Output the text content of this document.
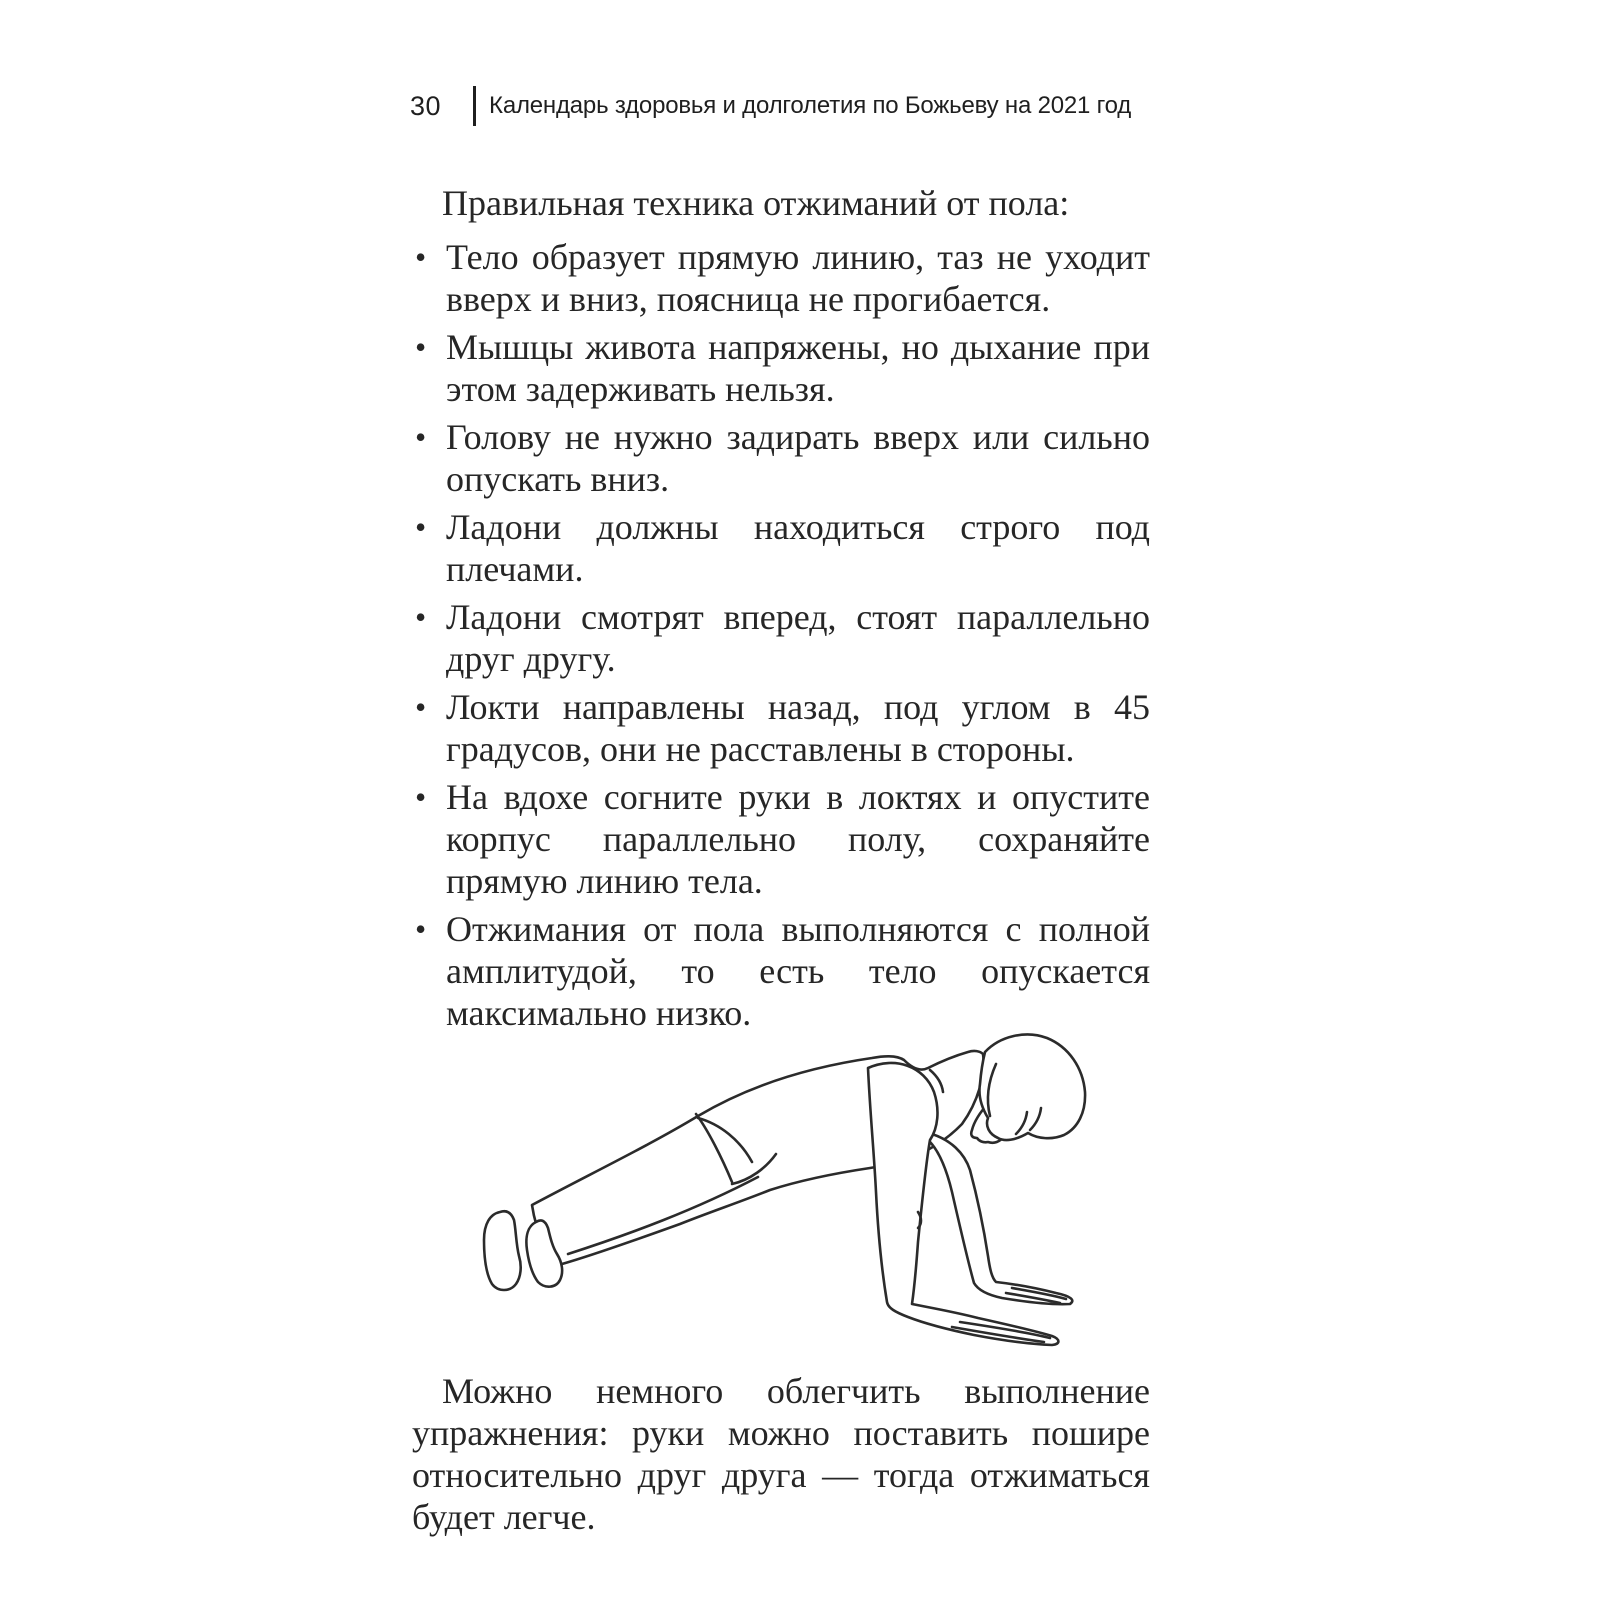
30 Календарь здоровья и долголетия по Божьеву на 2021 год

Правильная техника отжиманий от пола:

• Тело образует прямую линию, таз не уходит вверх и вниз, поясница не прогибается.
• Мышцы живота напряжены, но дыхание при этом задерживать нельзя.
• Голову не нужно задирать вверх или сильно опускать вниз.
• Ладони должны находиться строго под плечами.
• Ладони смотрят вперед, стоят параллельно друг другу.
• Локти направлены назад, под углом в 45 градусов, они не расставлены в стороны.
• На вдохе согните руки в локтях и опустите корпус параллельно полу, сохраняйте прямую линию тела.
• Отжимания от пола выполняются с полной амплитудой, то есть тело опускается максимально низко.

Можно немного облегчить выполнение упражнения: руки можно поставить пошире относительно друг друга — тогда отжиматься будет легче.
